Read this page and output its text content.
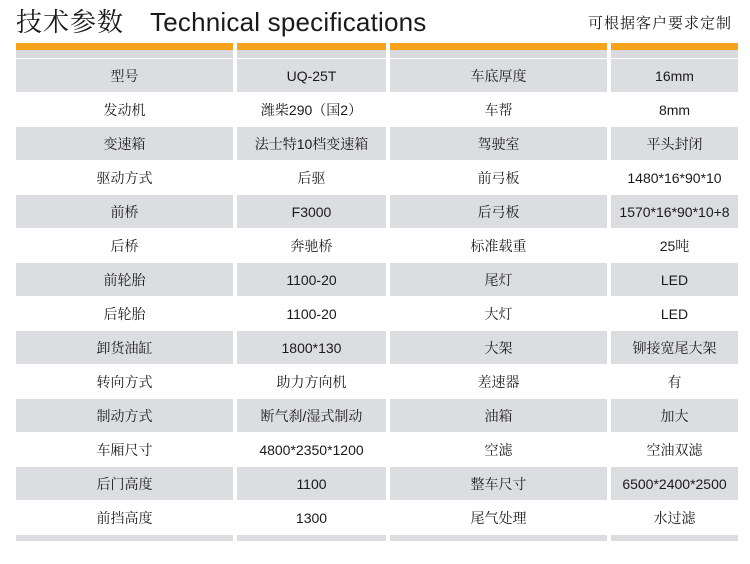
技术参数 Technical specifications	可根据客户要求定制
型号	UQ-25T	车底厚度	16mm
发动机	潍柴290（国2）	车帮	8mm
变速箱	法士特10档变速箱	驾驶室	平头封闭
驱动方式	后驱	前弓板	1480*16*90*10
前桥	F3000	后弓板	1570*16*90*10+8
后桥	奔驰桥	标准载重	25吨
前轮胎	1100-20	尾灯	LED
后轮胎	1100-20	大灯	LED
卸货油缸	1800*130	大架	铆接宽尾大架
转向方式	助力方向机	差速器	有
制动方式	断气刹/湿式制动	油箱	加大
车厢尺寸	4800*2350*1200	空滤	空油双滤
后门高度	1100	整车尺寸	6500*2400*2500
前挡高度	1300	尾气处理	水过滤
